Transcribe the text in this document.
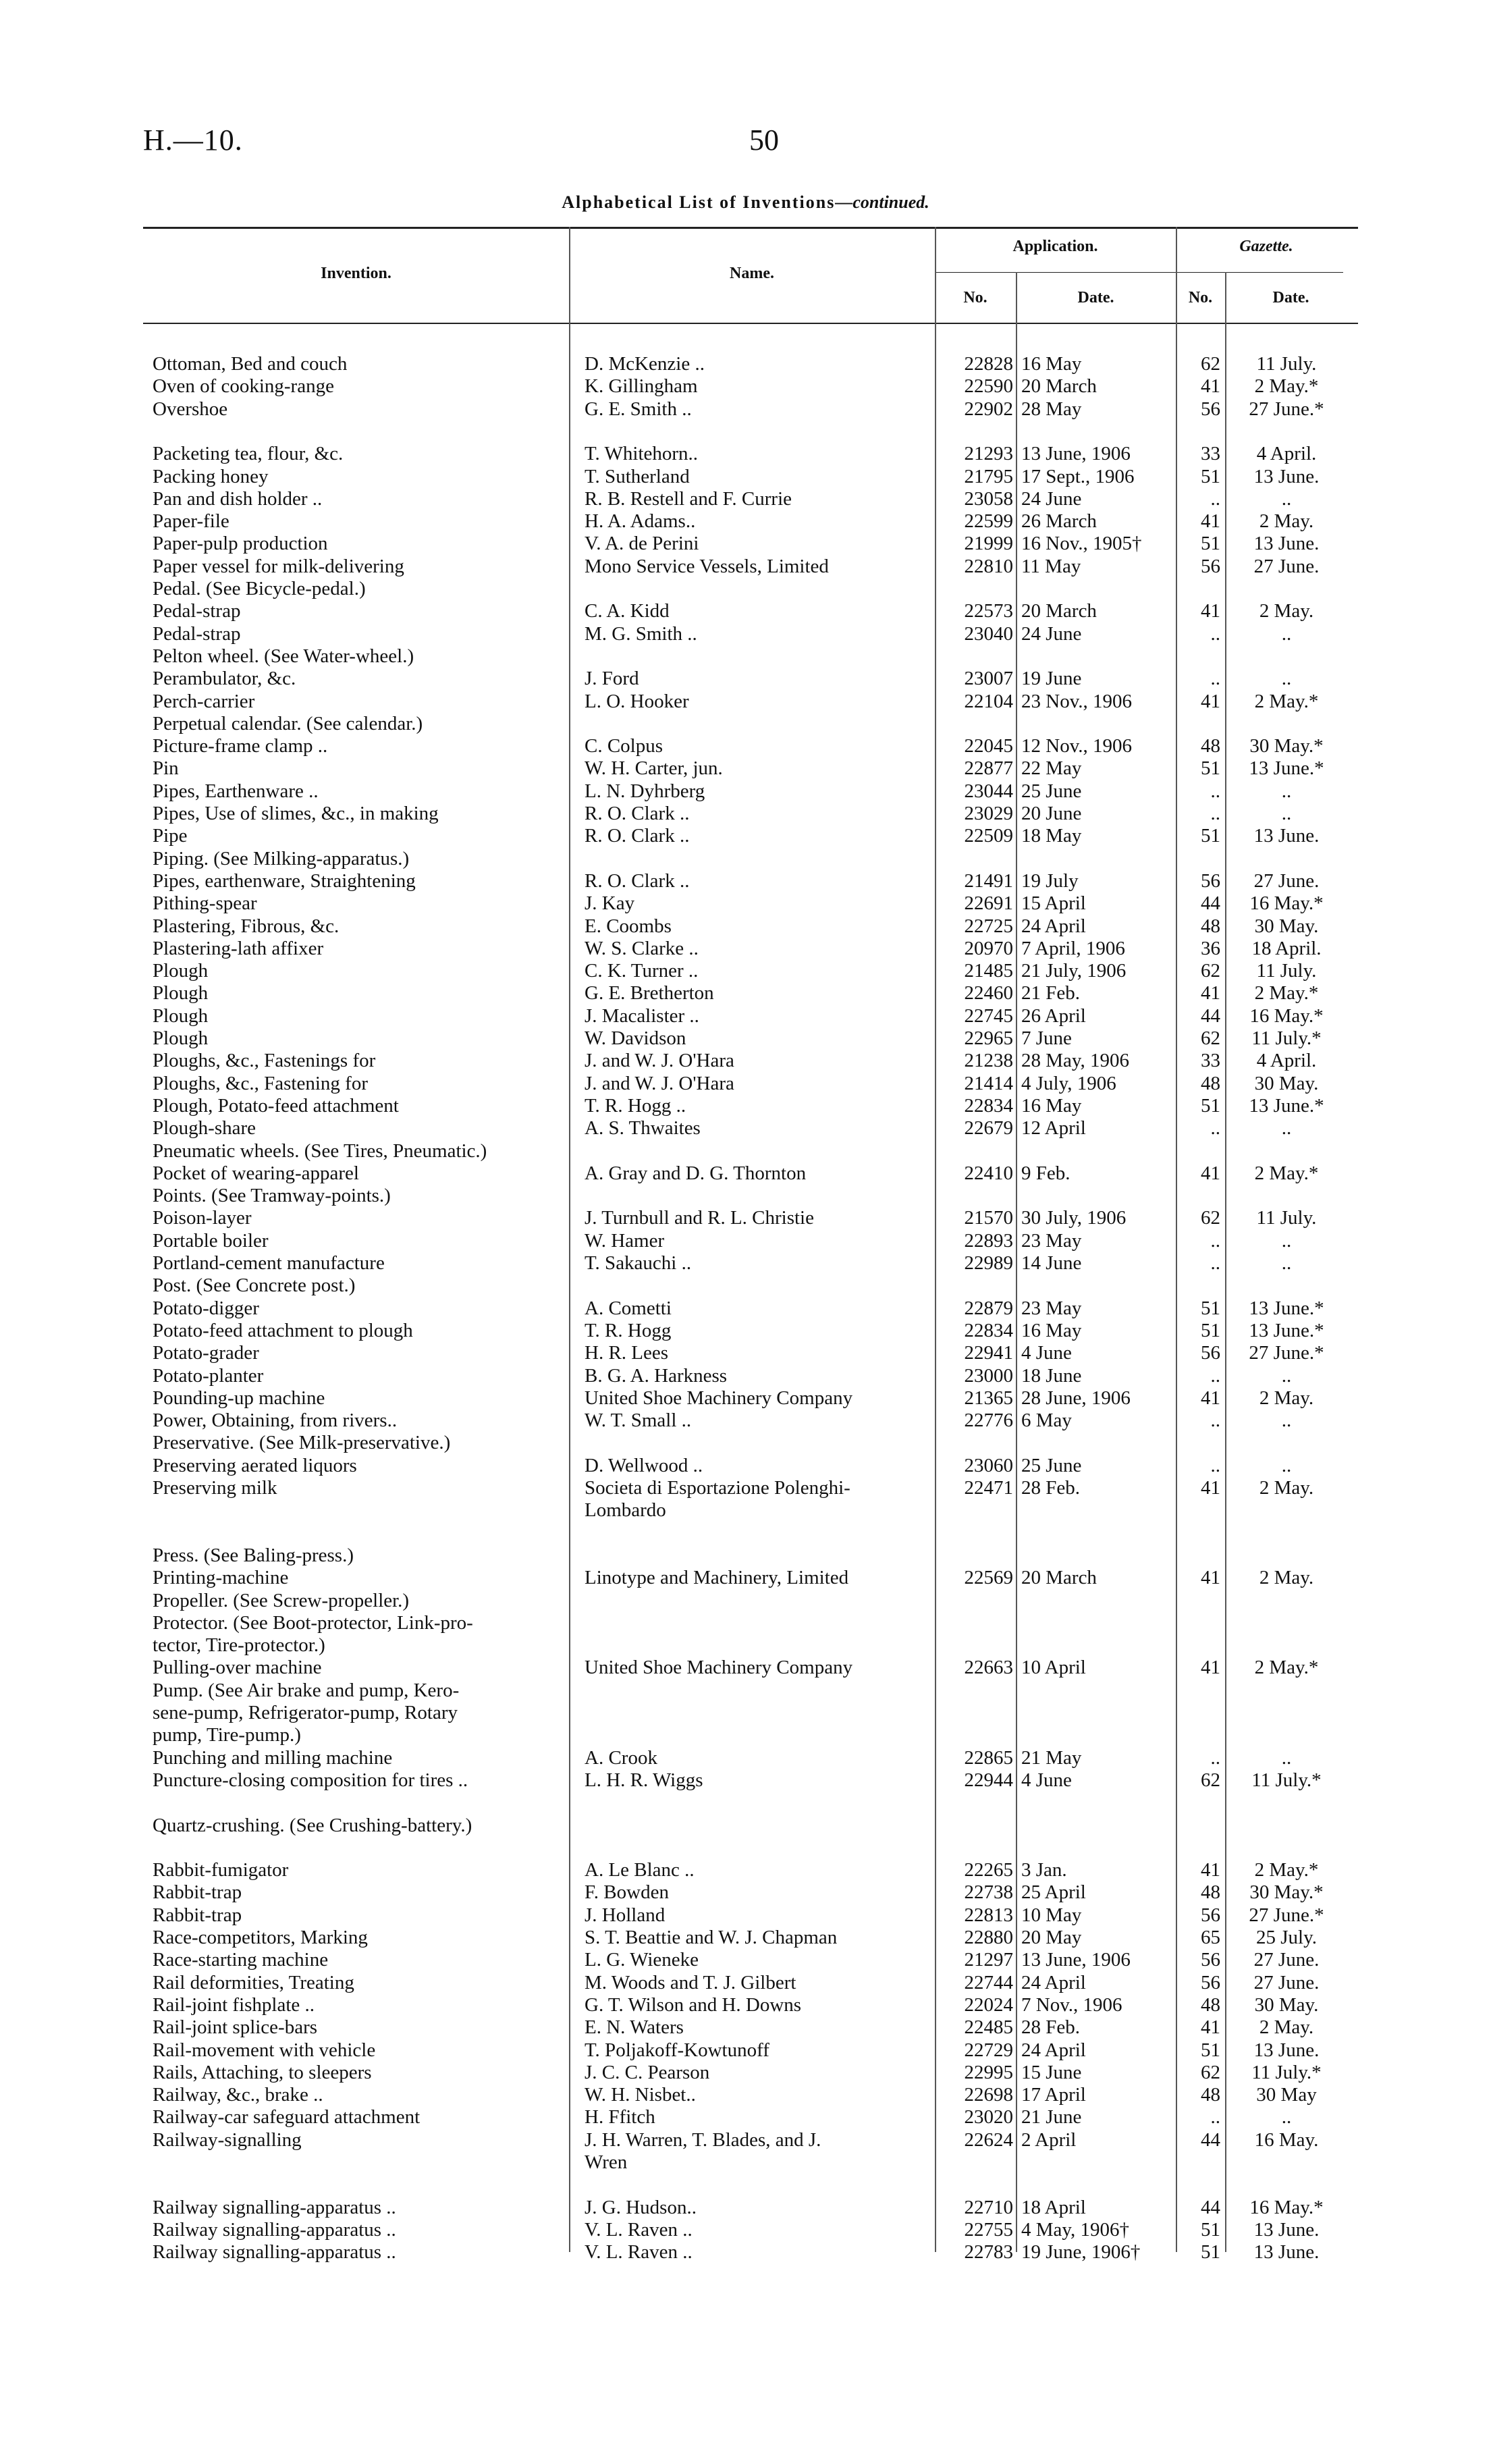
H.—10.	50
Alphabetical List of Inventions—continued.
Invention.	Name.
Application.	Gazette.
No.	Date.	No.	Date.
Ottoman, Bed and couch	D. McKenzie ..	22828 16 May	62	11 July.
Oven of cooking-range	K. Gillingham	22590 20 March	41	2 May.*
Overshoe	G. E. Smith ..	22902 28 May	56	27 June.*
Packeting tea, flour, &c.	T. Whitehorn..	21293 13 June, 1906	33	4 April.
Packing honey	T. Sutherland	21795 17 Sept., 1906	51	13 June.
Pan and dish holder ..	R. B. Restell and F. Currie	23058 24 June	..	..
Paper-file	H. A. Adams..	22599 26 March	41	2 May.
Paper-pulp production	V. A. de Perini	21999 16 Nov., 1905†	51	13 June.
Paper vessel for milk-delivering	Mono Service Vessels, Limited	22810 11 May	56	27 June.
Pedal. (See Bicycle-pedal.)
Pedal-strap	C. A. Kidd	22573 20 March	41	2 May.
Pedal-strap	M. G. Smith ..	23040 24 June	..	..
Pelton wheel. (See Water-wheel.)
Perambulator, &c.	J. Ford	23007 19 June	..	..
Perch-carrier	L. O. Hooker	22104 23 Nov., 1906	41	2 May.*
Perpetual calendar. (See calendar.)
Picture-frame clamp ..	C. Colpus	22045 12 Nov., 1906	48	30 May.*
Pin	W. H. Carter, jun.	22877 22 May	51	13 June.*
Pipes, Earthenware ..	L. N. Dyhrberg	23044 25 June	..	..
Pipes, Use of slimes, &c., in making	R. O. Clark ..	23029 20 June	..	..
Pipe	R. O. Clark ..	22509 18 May	51	13 June.
Piping. (See Milking-apparatus.)
Pipes, earthenware, Straightening	R. O. Clark ..	21491 19 July	56	27 June.
Pithing-spear	J. Kay	22691 15 April	44	16 May.*
Plastering, Fibrous, &c.	E. Coombs	22725 24 April	48	30 May.
Plastering-lath affixer	W. S. Clarke ..	20970 7 April, 1906	36	18 April.
Plough	C. K. Turner ..	21485 21 July, 1906	62	11 July.
Plough	G. E. Bretherton	22460 21 Feb.	41	2 May.*
Plough	J. Macalister ..	22745 26 April	44	16 May.*
Plough	W. Davidson	22965 7 June	62	11 July.*
Ploughs, &c., Fastenings for	J. and W. J. O'Hara	21238 28 May, 1906	33	4 April.
Ploughs, &c., Fastening for	J. and W. J. O'Hara	21414 4 July, 1906	48	30 May.
Plough, Potato-feed attachment	T. R. Hogg ..	22834 16 May	51	13 June.*
Plough-share	A. S. Thwaites	22679 12 April	..	..
Pneumatic wheels. (See Tires, Pneumatic.)
Pocket of wearing-apparel	A. Gray and D. G. Thornton	22410 9 Feb.	41	2 May.*
Points. (See Tramway-points.)
Poison-layer	J. Turnbull and R. L. Christie	21570 30 July, 1906	62	11 July.
Portable boiler	W. Hamer	22893 23 May	..	..
Portland-cement manufacture	T. Sakauchi ..	22989 14 June	..	..
Post. (See Concrete post.)
Potato-digger	A. Cometti	22879 23 May	51	13 June.*
Potato-feed attachment to plough	T. R. Hogg	22834 16 May	51	13 June.*
Potato-grader	H. R. Lees	22941 4 June	56	27 June.*
Potato-planter	B. G. A. Harkness	23000 18 June	..	..
Pounding-up machine	United Shoe Machinery Company	21365 28 June, 1906	41	2 May.
Power, Obtaining, from rivers..	W. T. Small ..	22776 6 May	..	..
Preservative. (See Milk-preservative.)
Preserving aerated liquors	D. Wellwood ..	23060 25 June	..	..
Preserving milk	Societa di Esportazione Polenghi-	22471 28 Feb.	41	2 May.
Lombardo
Press. (See Baling-press.)
Printing-machine	Linotype and Machinery, Limited	22569 20 March	41	2 May.
Propeller. (See Screw-propeller.)
Protector. (See Boot-protector, Link-pro-
tector, Tire-protector.)
Pulling-over machine	United Shoe Machinery Company	22663 10 April	41	2 May.*
Pump. (See Air brake and pump, Kero-
sene-pump, Refrigerator-pump, Rotary
pump, Tire-pump.)
Punching and milling machine	A. Crook	22865 21 May	..	..
Puncture-closing composition for tires ..	L. H. R. Wiggs	22944 4 June	62	11 July.*
Quartz-crushing. (See Crushing-battery.)
Rabbit-fumigator	A. Le Blanc ..	22265 3 Jan.	41	2 May.*
Rabbit-trap	F. Bowden	22738 25 April	48	30 May.*
Rabbit-trap	J. Holland	22813 10 May	56	27 June.*
Race-competitors, Marking	S. T. Beattie and W. J. Chapman	22880 20 May	65	25 July.
Race-starting machine	L. G. Wieneke	21297 13 June, 1906	56	27 June.
Rail deformities, Treating	M. Woods and T. J. Gilbert	22744 24 April	56	27 June.
Rail-joint fishplate ..	G. T. Wilson and H. Downs	22024 7 Nov., 1906	48	30 May.
Rail-joint splice-bars	E. N. Waters	22485 28 Feb.	41	2 May.
Rail-movement with vehicle	T. Poljakoff-Kowtunoff	22729 24 April	51	13 June.
Rails, Attaching, to sleepers	J. C. C. Pearson	22995 15 June	62	11 July.*
Railway, &c., brake ..	W. H. Nisbet..	22698 17 April	48	30 May
Railway-car safeguard attachment	H. Ffitch	23020 21 June	..	..
Railway-signalling	J. H. Warren, T. Blades, and J.	22624 2 April	44	16 May.
Wren
Railway signalling-apparatus ..	J. G. Hudson..	22710 18 April	44	16 May.*
Railway signalling-apparatus ..	V. L. Raven ..	22755 4 May, 1906†	51	13 June.
Railway signalling-apparatus ..	V. L. Raven ..	22783 19 June, 1906†	51	13 June.
